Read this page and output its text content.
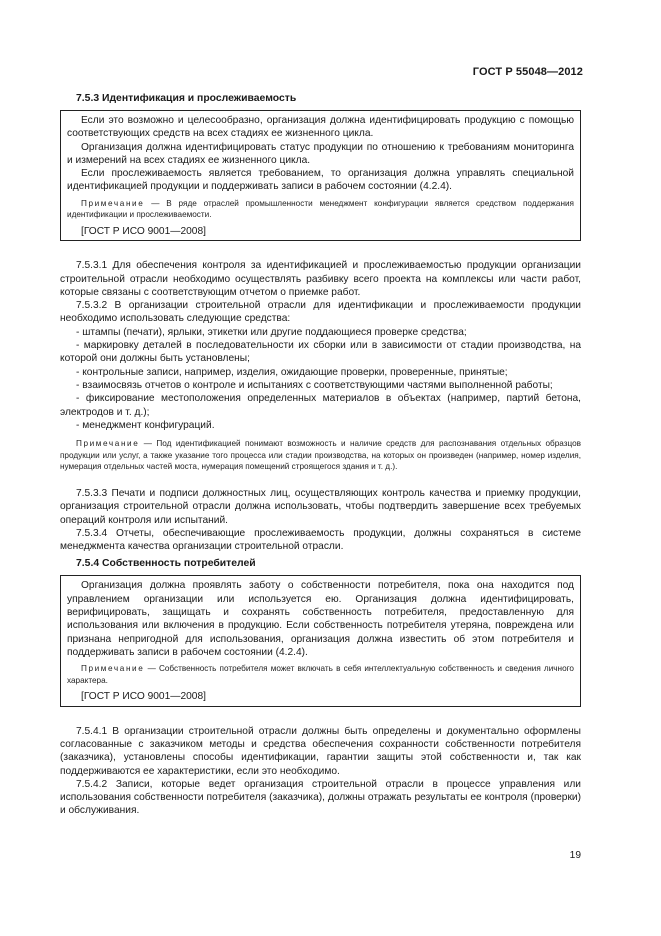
ГОСТ Р 55048—2012
7.5.3 Идентификация и прослеживаемость

Если это возможно и целесообразно, организация должна идентифицировать продукцию с помощью соответствующих средств на всех стадиях ее жизненного цикла.

Организация должна идентифицировать статус продукции по отношению к требованиям мониторинга и измерений на всех стадиях ее жизненного цикла.

Если прослеживаемость является требованием, то организация должна управлять специальной идентификацией продукции и поддерживать записи в рабочем состоянии (4.2.4).

Примечание — В ряде отраслей промышленности менеджмент конфигурации является средством поддержания идентификации и прослеживаемости.

[ГОСТ Р ИСО 9001—2008]

7.5.3.1 Для обеспечения контроля за идентификацией и прослеживаемостью продукции организации строительной отрасли необходимо осуществлять разбивку всего проекта на комплексы или части работ, которые связаны с соответствующим отчетом о приемке работ.

7.5.3.2 В организации строительной отрасли для идентификации и прослеживаемости продукции необходимо использовать следующие средства:

- штампы (печати), ярлыки, этикетки или другие поддающиеся проверке средства;

- маркировку деталей в последовательности их сборки или в зависимости от стадии производства, на которой они должны быть установлены;

- контрольные записи, например, изделия, ожидающие проверки, проверенные, принятые;

- взаимосвязь отчетов о контроле и испытаниях с соответствующими частями выполненной работы;

- фиксирование местоположения определенных материалов в объектах (например, партий бетона, электродов и т. д.);

- менеджмент конфигураций.

Примечание — Под идентификацией понимают возможность и наличие средств для распознавания отдельных образцов продукции или услуг, а также указание того процесса или стадии производства, на которых он произведен (например, номер изделия, нумерация отдельных частей моста, нумерация помещений строящегося здания и т. д.).

7.5.3.3 Печати и подписи должностных лиц, осуществляющих контроль качества и приемку продукции, организация строительной отрасли должна использовать, чтобы подтвердить завершение всех требуемых операций контроля или испытаний.

7.5.3.4 Отчеты, обеспечивающие прослеживаемость продукции, должны сохраняться в системе менеджмента качества организации строительной отрасли.

7.5.4 Собственность потребителей

Организация должна проявлять заботу о собственности потребителя, пока она находится под управлением организации или используется ею. Организация должна идентифицировать, верифицировать, защищать и сохранять собственность потребителя, предоставленную для использования или включения в продукцию. Если собственность потребителя утеряна, повреждена или признана непригодной для использования, организация должна известить об этом потребителя и поддерживать записи в рабочем состоянии (4.2.4).

Примечание — Собственность потребителя может включать в себя интеллектуальную собственность и сведения личного характера.

[ГОСТ Р ИСО 9001—2008]

7.5.4.1 В организации строительной отрасли должны быть определены и документально оформлены согласованные с заказчиком методы и средства обеспечения сохранности собственности потребителя (заказчика), установлены способы идентификации, гарантии защиты этой собственности и, так как поддерживаются ее характеристики, если это необходимо.

7.5.4.2 Записи, которые ведет организация строительной отрасли в процессе управления или использования собственности потребителя (заказчика), должны отражать результаты ее контроля (проверки) и обслуживания.

19
